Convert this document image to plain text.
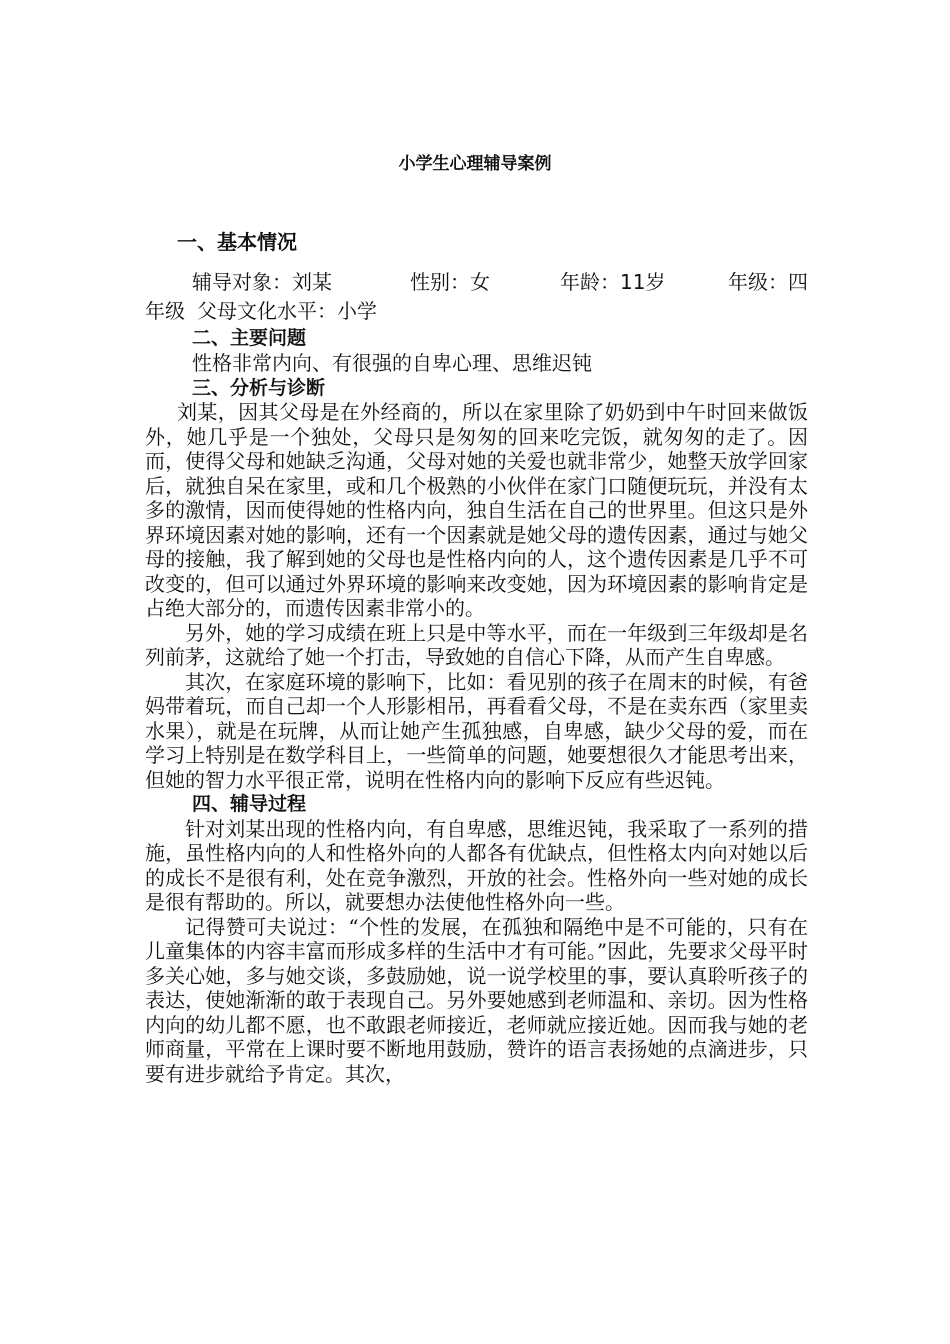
小学生心理辅导案例
一、基本情况
辅导对象：刘某	性别：女	年龄：11岁	年级：四
年级 父母文化水平：小学
二、主要问题
性格非常内向、有很强的自卑心理、思维迟钝
三、分析与诊断

刘某，因其父母是在外经商的，所以在家里除了奶奶到中午时回来做饭外，她几乎是一个独处，父母只是匆匆的回来吃完饭，就匆匆的走了。因而，使得父母和她缺乏沟通，父母对她的关爱也就非常少，她整天放学回家后，就独自呆在家里，或和几个极熟的小伙伴在家门口随便玩玩，并没有太多的激情，因而使得她的性格内向，独自生活在自己的世界里。但这只是外界环境因素对她的影响，还有一个因素就是她父母的遗传因素，通过与她父母的接触，我了解到她的父母也是性格内向的人，这个遗传因素是几乎不可改变的，但可以通过外界环境的影响来改变她，因为环境因素的影响肯定是占绝大部分的，而遗传因素非常小的。

另外，她的学习成绩在班上只是中等水平，而在一年级到三年级却是名列前茅，这就给了她一个打击，导致她的自信心下降，从而产生自卑感。

其次，在家庭环境的影响下，比如：看见别的孩子在周末的时候，有爸妈带着玩，而自己却一个人形影相吊，再看看父母，不是在卖东西（家里卖水果），就是在玩牌，从而让她产生孤独感，自卑感，缺少父母的爱，而在学习上特别是在数学科目上，一些简单的问题，她要想很久才能思考出来，但她的智力水平很正常，说明在性格内向的影响下反应有些迟钝。

四、辅导过程

针对刘某出现的性格内向，有自卑感，思维迟钝，我采取了一系列的措施，虽性格内向的人和性格外向的人都各有优缺点，但性格太内向对她以后的成长不是很有利，处在竞争激烈，开放的社会。性格外向一些对她的成长是很有帮助的。所以，就要想办法使他性格外向一些。

记得赞可夫说过：“个性的发展，在孤独和隔绝中是不可能的，只有在儿童集体的内容丰富而形成多样的生活中才有可能。”因此，先要求父母平时多关心她，多与她交谈，多鼓励她，说一说学校里的事，要认真聆听孩子的表达，使她渐渐的敢于表现自己。另外要她感到老师温和、亲切。因为性格内向的幼儿都不愿，也不敢跟老师接近，老师就应接近她。因而我与她的老师商量，平常在上课时要不断地用鼓励，赞许的语言表扬她的点滴进步，只要有进步就给予肯定。其次，
